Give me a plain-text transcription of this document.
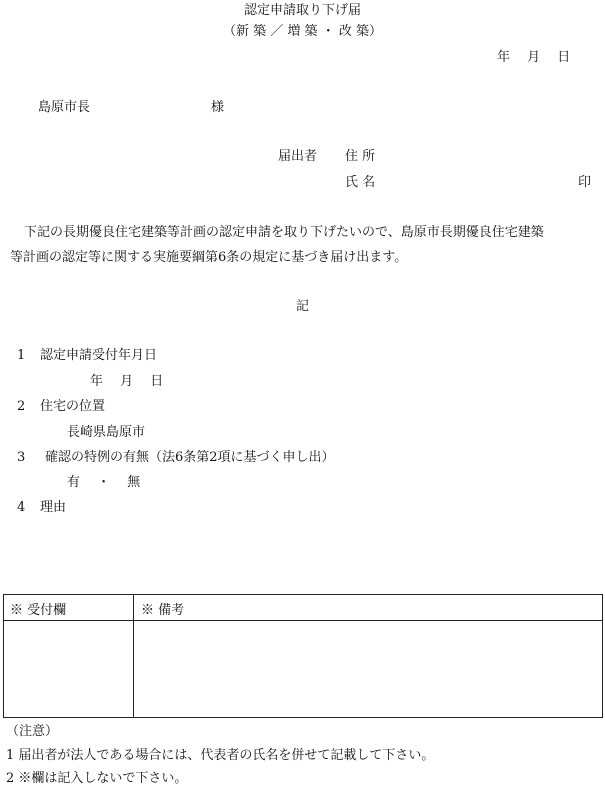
認定申請取り下げ届
（新 築 ／ 増 築 ・ 改 築）
年 　月　 日
島原市長	様
届出者 住 所
氏 名	印
下記の長期優良住宅建築等計画の認定申請を取り下げたいので、島原市長期優良住宅建築
等計画の認定等に関する実施要綱第6条の規定に基づき届け出ます。
記
1 認定申請受付年月日
年　 月　 日
2 住宅の位置
長崎県島原市
3 確認の特例の有無（法6条第2項に基づく申し出）
有 　・ 　無
4 理由
※ 受付欄	※ 備考
（注意）
1 届出者が法人である場合には、代表者の氏名を併せて記載して下さい。
2 ※欄は記入しないで下さい。
